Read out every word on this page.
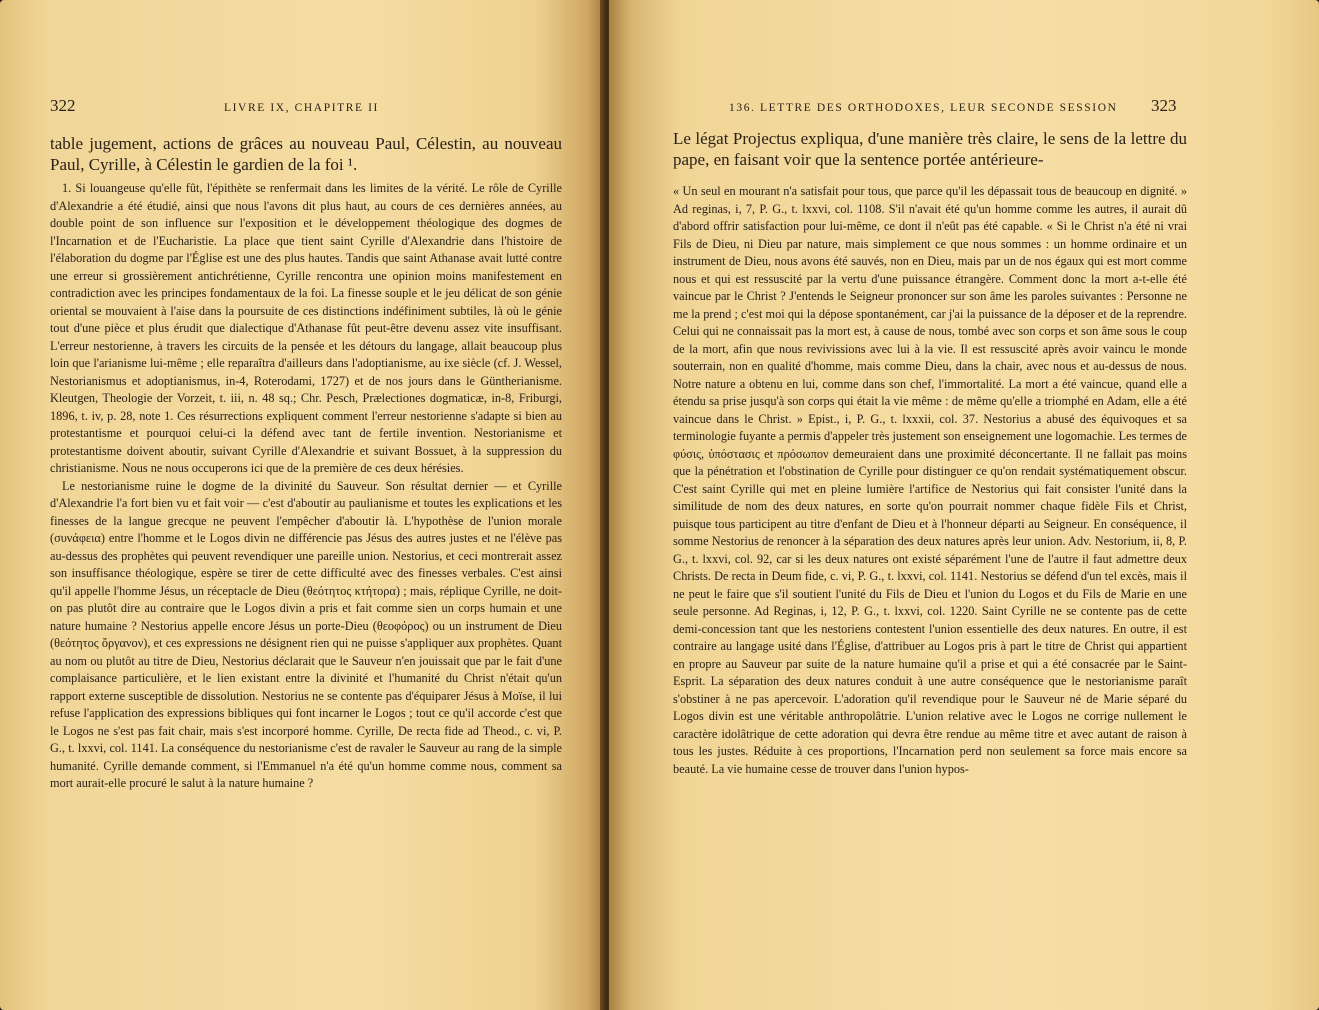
322	LIVRE IX, CHAPITRE II

table jugement, actions de grâces au nouveau Paul, Célestin, au nouveau Paul, Cyrille, à Célestin le gardien de la foi ¹.

1. Si louangeuse qu'elle fût, l'épithète se renfermait dans les limites de la vérité. Le rôle de Cyrille d'Alexandrie a été étudié, ainsi que nous l'avons dit plus haut, au cours de ces dernières années, au double point de son influence sur l'exposition et le développement théologique des dogmes de l'Incarnation et de l'Eucharistie. La place que tient saint Cyrille d'Alexandrie dans l'histoire de l'élaboration du dogme par l'Église est une des plus hautes. Tandis que saint Athanase avait lutté contre une erreur si grossièrement antichrétienne, Cyrille rencontra une opinion moins manifestement en contradiction avec les principes fondamentaux de la foi. La finesse souple et le jeu délicat de son génie oriental se mouvaient à l'aise dans la poursuite de ces distinctions indéfiniment subtiles, là où le génie tout d'une pièce et plus érudit que dialectique d'Athanase fût peut-être devenu assez vite insuffisant. L'erreur nestorienne, à travers les circuits de la pensée et les détours du langage, allait beaucoup plus loin que l'arianisme lui-même ; elle reparaîtra d'ailleurs dans l'adoptianisme, au ixe siècle (cf. J. Wessel, Nestorianismus et adoptianismus, in-4, Roterodami, 1727) et de nos jours dans le Güntherianisme. Kleutgen, Theologie der Vorzeit, t. iii, n. 48 sq.; Chr. Pesch, Prælectiones dogmaticæ, in-8, Friburgi, 1896, t. iv, p. 28, note 1. Ces résurrections expliquent comment l'erreur nestorienne s'adapte si bien au protestantisme et pourquoi celui-ci la défend avec tant de fertile invention. Nestorianisme et protestantisme doivent aboutir, suivant Cyrille d'Alexandrie et suivant Bossuet, à la suppression du christianisme. Nous ne nous occuperons ici que de la première de ces deux hérésies.

Le nestorianisme ruine le dogme de la divinité du Sauveur. Son résultat dernier — et Cyrille d'Alexandrie l'a fort bien vu et fait voir — c'est d'aboutir au paulianisme et toutes les explications et les finesses de la langue grecque ne peuvent l'empêcher d'aboutir là. L'hypothèse de l'union morale (συνάφεια) entre l'homme et le Logos divin ne différencie pas Jésus des autres justes et ne l'élève pas au-dessus des prophètes qui peuvent revendiquer une pareille union. Nestorius, et ceci montrerait assez son insuffisance théologique, espère se tirer de cette difficulté avec des finesses verbales. C'est ainsi qu'il appelle l'homme Jésus, un réceptacle de Dieu (θεότητος κτήτορα) ; mais, réplique Cyrille, ne doit-on pas plutôt dire au contraire que le Logos divin a pris et fait comme sien un corps humain et une nature humaine ? Nestorius appelle encore Jésus un porte-Dieu (θεοφόρος) ou un instrument de Dieu (θεότητος ὄργανον), et ces expressions ne désignent rien qui ne puisse s'appliquer aux prophètes. Quant au nom ou plutôt au titre de Dieu, Nestorius déclarait que le Sauveur n'en jouissait que par le fait d'une complaisance particulière, et le lien existant entre la divinité et l'humanité du Christ n'était qu'un rapport externe susceptible de dissolution. Nestorius ne se contente pas d'équiparer Jésus à Moïse, il lui refuse l'application des expressions bibliques qui font incarner le Logos ; tout ce qu'il accorde c'est que le Logos ne s'est pas fait chair, mais s'est incorporé homme. Cyrille, De recta fide ad Theod., c. vi, P. G., t. lxxvi, col. 1141. La conséquence du nestorianisme c'est de ravaler le Sauveur au rang de la simple humanité. Cyrille demande comment, si l'Emmanuel n'a été qu'un homme comme nous, comment sa mort aurait-elle procuré le salut à la nature humaine ?

136. LETTRE DES ORTHODOXES, LEUR SECONDE SESSION 323

Le légat Projectus expliqua, d'une manière très claire, le sens de la lettre du pape, en faisant voir que la sentence portée antérieure-

« Un seul en mourant n'a satisfait pour tous, que parce qu'il les dépassait tous de beaucoup en dignité. » Ad reginas, i, 7, P. G., t. lxxvi, col. 1108. S'il n'avait été qu'un homme comme les autres, il aurait dû d'abord offrir satisfaction pour lui-même, ce dont il n'eût pas été capable. « Si le Christ n'a été ni vrai Fils de Dieu, ni Dieu par nature, mais simplement ce que nous sommes : un homme ordinaire et un instrument de Dieu, nous avons été sauvés, non en Dieu, mais par un de nos égaux qui est mort comme nous et qui est ressuscité par la vertu d'une puissance étrangère. Comment donc la mort a-t-elle été vaincue par le Christ ? J'entends le Seigneur prononcer sur son âme les paroles suivantes : Personne ne me la prend ; c'est moi qui la dépose spontanément, car j'ai la puissance de la déposer et de la reprendre. Celui qui ne connaissait pas la mort est, à cause de nous, tombé avec son corps et son âme sous le coup de la mort, afin que nous revivissions avec lui à la vie. Il est ressuscité après avoir vaincu le monde souterrain, non en qualité d'homme, mais comme Dieu, dans la chair, avec nous et au-dessus de nous. Notre nature a obtenu en lui, comme dans son chef, l'immortalité. La mort a été vaincue, quand elle a étendu sa prise jusqu'à son corps qui était la vie même : de même qu'elle a triomphé en Adam, elle a été vaincue dans le Christ. » Epist., i, P. G., t. lxxxii, col. 37. Nestorius a abusé des équivoques et sa terminologie fuyante a permis d'appeler très justement son enseignement une logomachie. Les termes de φύσις, ὑπόστασις et πρόσωπον demeuraient dans une proximité déconcertante. Il ne fallait pas moins que la pénétration et l'obstination de Cyrille pour distinguer ce qu'on rendait systématiquement obscur. C'est saint Cyrille qui met en pleine lumière l'artifice de Nestorius qui fait consister l'unité dans la similitude de nom des deux natures, en sorte qu'on pourrait nommer chaque fidèle Fils et Christ, puisque tous participent au titre d'enfant de Dieu et à l'honneur départi au Seigneur. En conséquence, il somme Nestorius de renoncer à la séparation des deux natures après leur union. Adv. Nestorium, ii, 8, P. G., t. lxxvi, col. 92, car si les deux natures ont existé séparément l'une de l'autre il faut admettre deux Christs. De recta in Deum fide, c. vi, P. G., t. lxxvi, col. 1141. Nestorius se défend d'un tel excès, mais il ne peut le faire que s'il soutient l'unité du Fils de Dieu et l'union du Logos et du Fils de Marie en une seule personne. Ad Reginas, i, 12, P. G., t. lxxvi, col. 1220. Saint Cyrille ne se contente pas de cette demi-concession tant que les nestoriens contestent l'union essentielle des deux natures. En outre, il est contraire au langage usité dans l'Église, d'attribuer au Logos pris à part le titre de Christ qui appartient en propre au Sauveur par suite de la nature humaine qu'il a prise et qui a été consacrée par le Saint-Esprit. La séparation des deux natures conduit à une autre conséquence que le nestorianisme paraît s'obstiner à ne pas apercevoir. L'adoration qu'il revendique pour le Sauveur né de Marie séparé du Logos divin est une véritable anthropolâtrie. L'union relative avec le Logos ne corrige nullement le caractère idolâtrique de cette adoration qui devra être rendue au même titre et avec autant de raison à tous les justes. Réduite à ces proportions, l'Incarnation perd non seulement sa force mais encore sa beauté. La vie humaine cesse de trouver dans l'union hypos-
